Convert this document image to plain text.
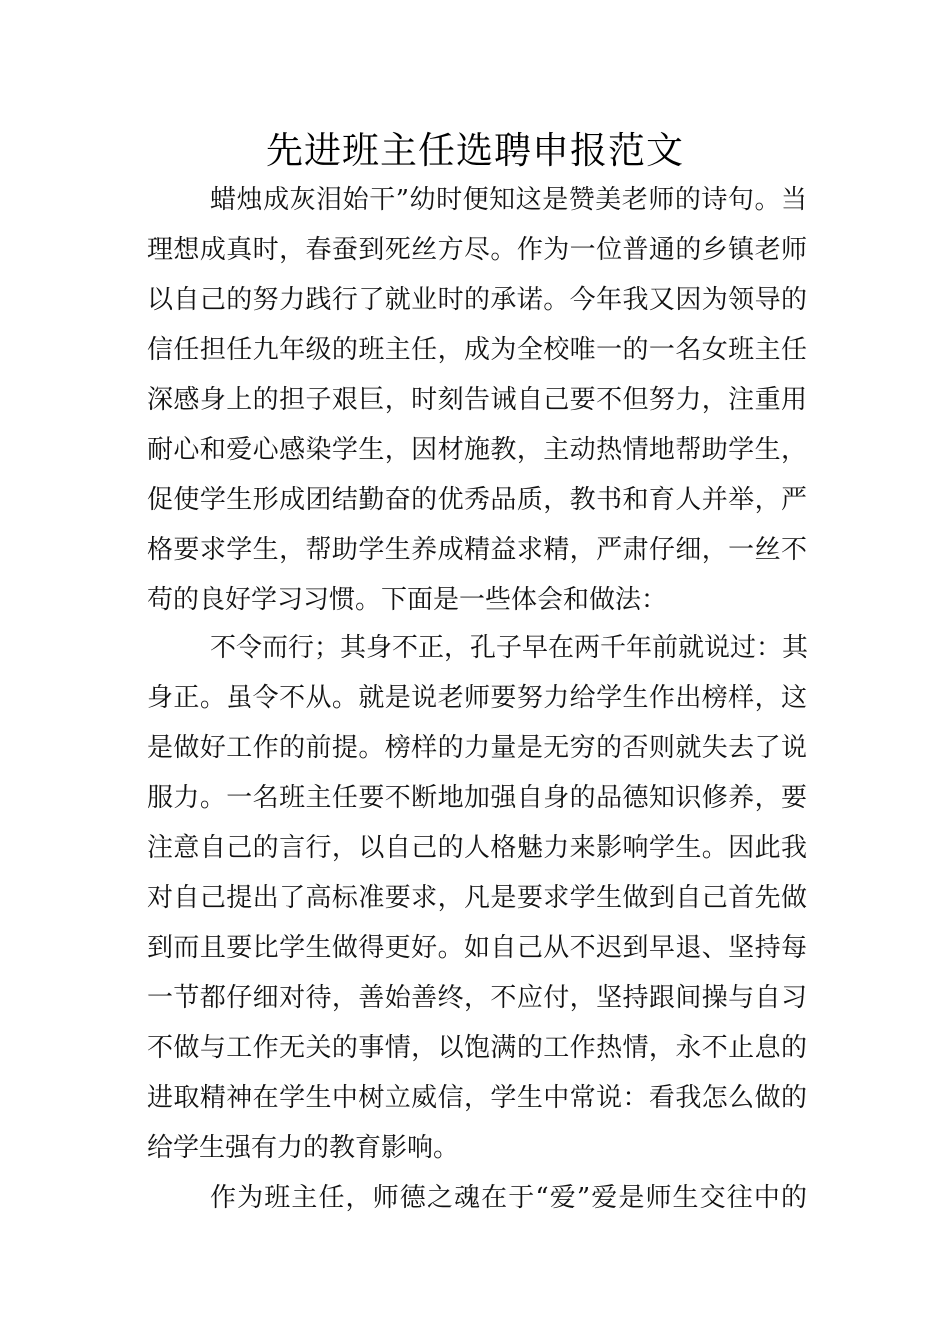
先进班主任选聘申报范文
蜡烛成灰泪始干”幼时便知这是赞美老师的诗句。当
理想成真时，春蚕到死丝方尽。作为一位普通的乡镇老师
以自己的努力践行了就业时的承诺。今年我又因为领导的
信任担任九年级的班主任，成为全校唯一的一名女班主任
深感身上的担子艰巨，时刻告诫自己要不但努力，注重用
耐心和爱心感染学生，因材施教，主动热情地帮助学生，
促使学生形成团结勤奋的优秀品质，教书和育人并举，严
格要求学生，帮助学生养成精益求精，严肃仔细，一丝不
苟的良好学习习惯。下面是一些体会和做法：
不令而行；其身不正，孔子早在两千年前就说过：其
身正。虽令不从。就是说老师要努力给学生作出榜样，这
是做好工作的前提。榜样的力量是无穷的否则就失去了说
服力。一名班主任要不断地加强自身的品德知识修养，要
注意自己的言行，以自己的人格魅力来影响学生。因此我
对自己提出了高标准要求，凡是要求学生做到自己首先做
到而且要比学生做得更好。如自己从不迟到早退、坚持每
一节都仔细对待，善始善终，不应付，坚持跟间操与自习
不做与工作无关的事情，以饱满的工作热情，永不止息的
进取精神在学生中树立威信，学生中常说：看我怎么做的
给学生强有力的教育影响。
作为班主任，师德之魂在于“爱”爱是师生交往中的
